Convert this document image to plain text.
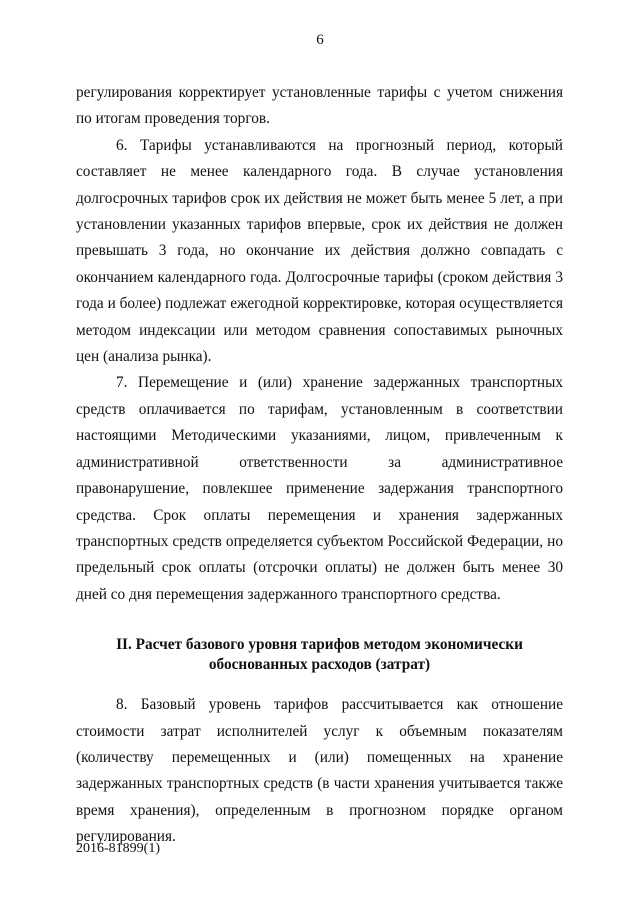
6

регулирования корректирует установленные тарифы с учетом снижения по итогам проведения торгов.

6. Тарифы устанавливаются на прогнозный период, который составляет не менее календарного года. В случае установления долгосрочных тарифов срок их действия не может быть менее 5 лет, а при установлении указанных тарифов впервые, срок их действия не должен превышать 3 года, но окончание их действия должно совпадать с окончанием календарного года. Долгосрочные тарифы (сроком действия 3 года и более) подлежат ежегодной корректировке, которая осуществляется методом индексации или методом сравнения сопоставимых рыночных цен (анализа рынка).

7. Перемещение и (или) хранение задержанных транспортных средств оплачивается по тарифам, установленным в соответствии настоящими Методическими указаниями, лицом, привлеченным к административной ответственности за административное правонарушение, повлекшее применение задержания транспортного средства. Срок оплаты перемещения и хранения задержанных транспортных средств определяется субъектом Российской Федерации, но предельный срок оплаты (отсрочки оплаты) не должен быть менее 30 дней со дня перемещения задержанного транспортного средства.

II. Расчет базового уровня тарифов методом экономически
обоснованных расходов (затрат)

8. Базовый уровень тарифов рассчитывается как отношение стоимости затрат исполнителей услуг к объемным показателям (количеству перемещенных и (или) помещенных на хранение задержанных транспортных средств (в части хранения учитывается также время хранения), определенным в прогнозном порядке органом регулирования.

2016-81899(1)
